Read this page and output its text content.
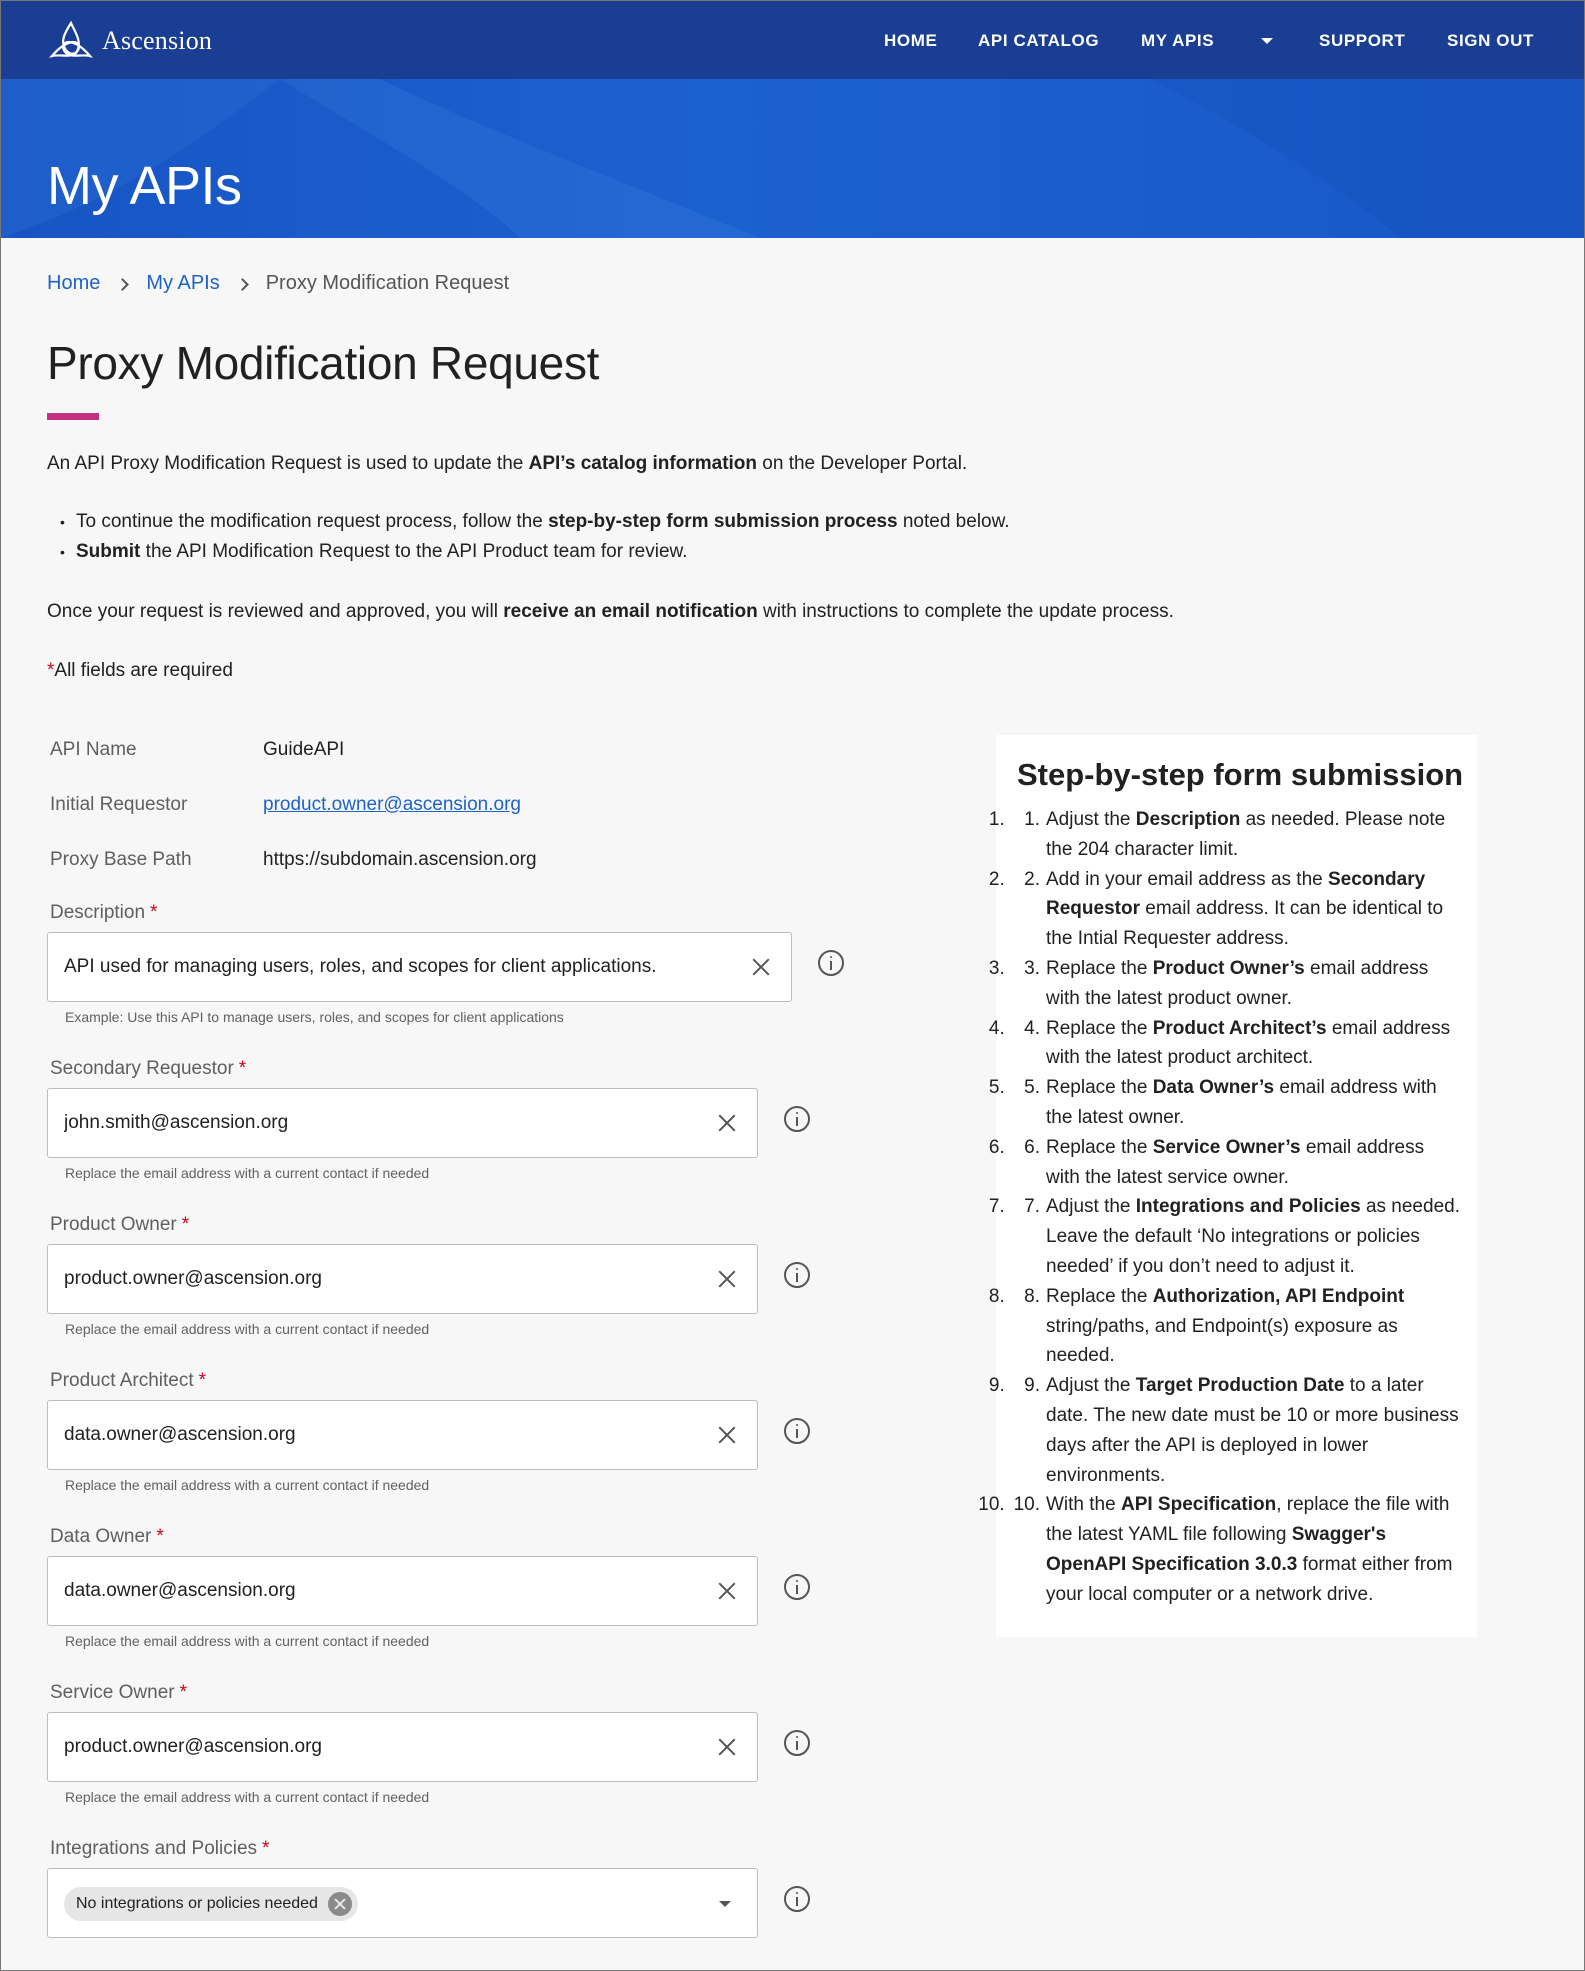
Ascension	HOME API CATALOG MY APIS	SUPPORT SIGN OUT
My APIs
Home My APIs Proxy Modification Request
Proxy Modification Request

An API Proxy Modification Request is used to update the API’s catalog information on the Developer Portal.

• To continue the modification request process, follow the step-by-step form submission process noted below.
• Submit the API Modification Request to the API Product team for review.

Once your request is reviewed and approved, you will receive an email notification with instructions to complete the update process.

*All fields are required

API Name	GuideAPI
Initial Requestor	product.owner@ascension.org
Proxy Base Path	https://subdomain.ascension.org
Description *
API used for managing users, roles, and scopes for client applications.
Example: Use this API to manage users, roles, and scopes for client applications
Secondary Requestor *
john.smith@ascension.org
Replace the email address with a current contact if needed
Product Owner *
product.owner@ascension.org
Replace the email address with a current contact if needed
Product Architect *
data.owner@ascension.org
Replace the email address with a current contact if needed
Data Owner *
data.owner@ascension.org
Replace the email address with a current contact if needed
Service Owner *
product.owner@ascension.org
Replace the email address with a current contact if needed
Integrations and Policies *
No integrations or policies needed
Step-by-step form submission
1. 1. Adjust the Description as needed. Please note the 204 character limit.
2. 2. Add in your email address as the Secondary Requestor email address. It can be identical to the Intial Requester address.
3. 3. Replace the Product Owner’s email address with the latest product owner.
4. 4. Replace the Product Architect’s email address with the latest product architect.
5. 5. Replace the Data Owner’s email address with the latest owner.
6. 6. Replace the Service Owner’s email address with the latest service owner.
7. 7. Adjust the Integrations and Policies as needed. Leave the default ‘No integrations or policies needed’ if you don’t need to adjust it.
8. 8. Replace the Authorization, API Endpoint string/paths, and Endpoint(s) exposure as needed.
9. 9. Adjust the Target Production Date to a later date. The new date must be 10 or more business days after the API is deployed in lower environments.
10. 10. With the API Specification, replace the file with the latest YAML file following Swagger's OpenAPI Specification 3.0.3 format either from your local computer or a network drive.
